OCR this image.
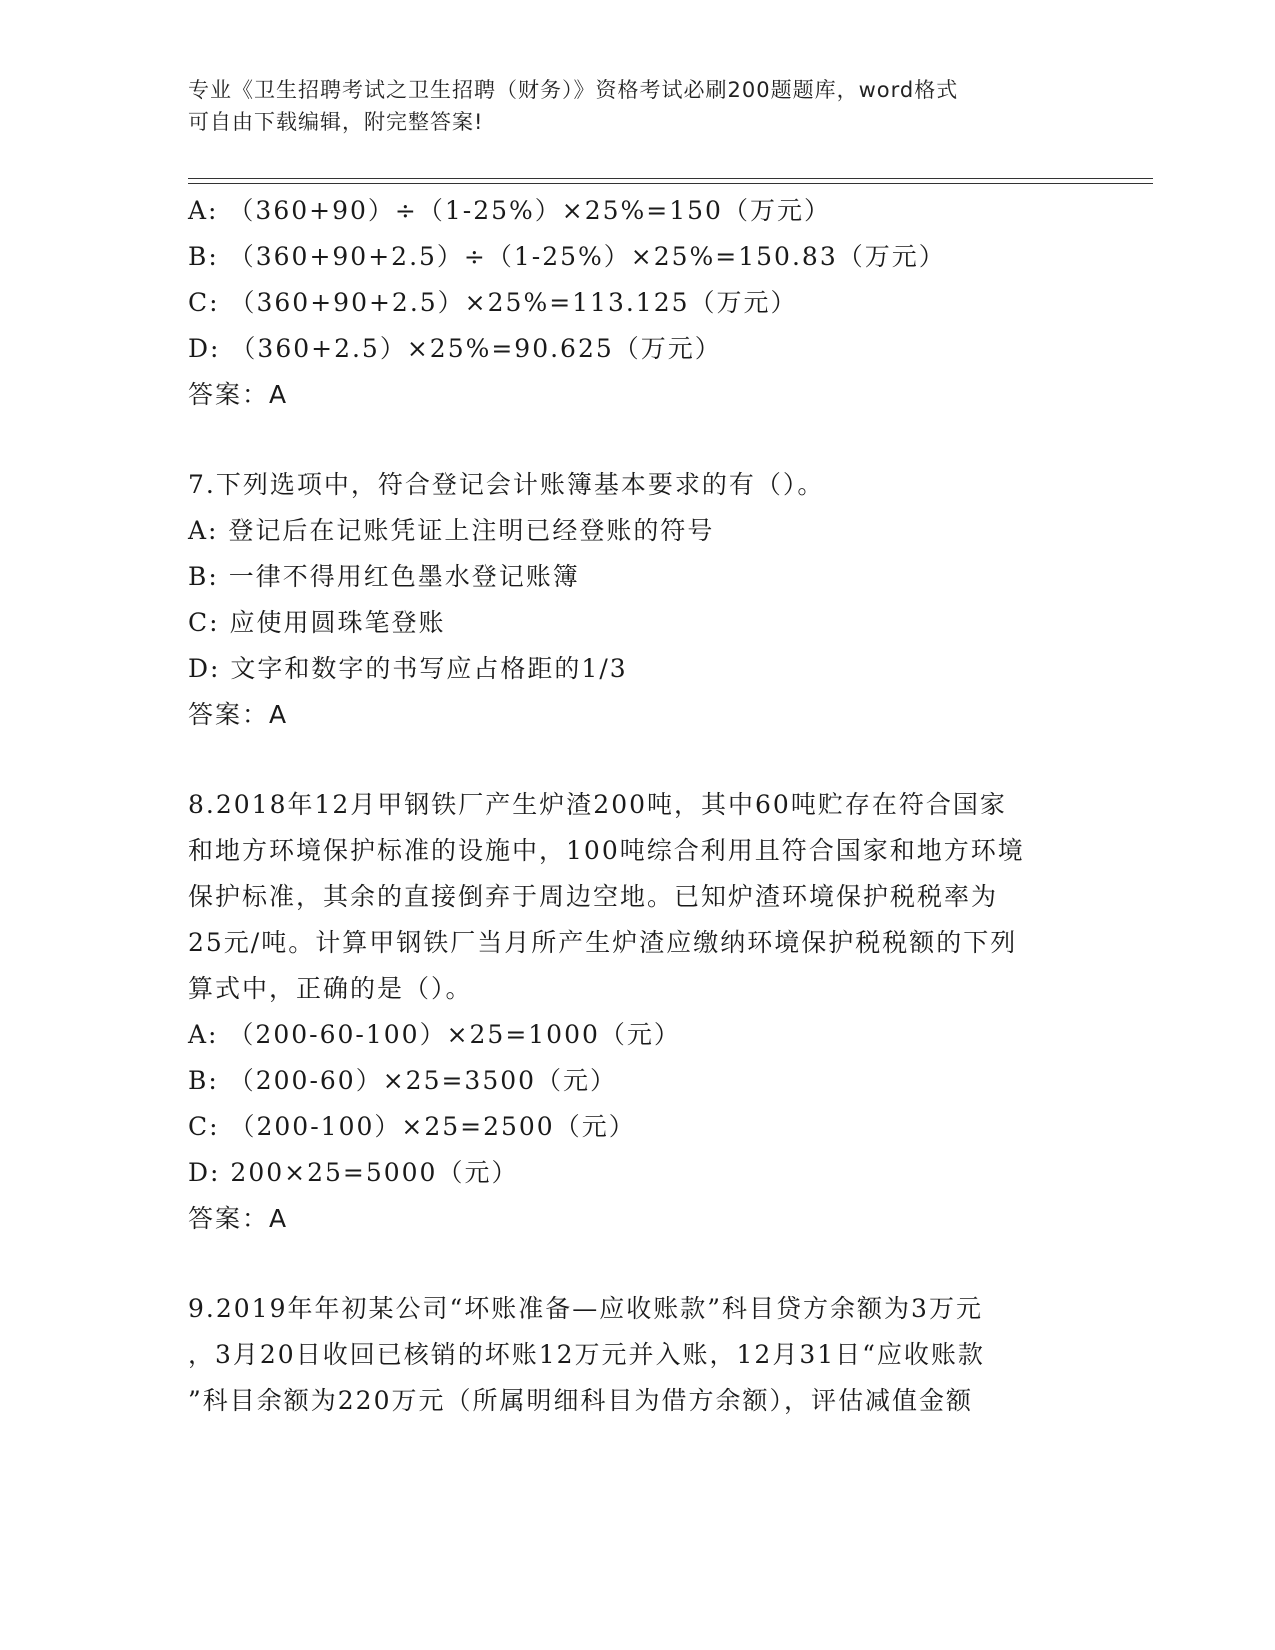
专业《卫生招聘考试之卫生招聘（财务）》资格考试必刷200题题库，word格式
可自由下载编辑，附完整答案!
A: （360+90）÷（1-25%）×25%=150（万元）
B: （360+90+2.5）÷（1-25%）×25%=150.83（万元）
C: （360+90+2.5）×25%=113.125（万元）
D: （360+2.5）×25%=90.625（万元）
答案：A
7.下列选项中，符合登记会计账簿基本要求的有（）。
A: 登记后在记账凭证上注明已经登账的符号
B: 一律不得用红色墨水登记账簿
C: 应使用圆珠笔登账
D: 文字和数字的书写应占格距的1/3
答案：A
8.2018年12月甲钢铁厂产生炉渣200吨，其中60吨贮存在符合国家
和地方环境保护标准的设施中，100吨综合利用且符合国家和地方环境
保护标准，其余的直接倒弃于周边空地。已知炉渣环境保护税税率为
25元/吨。计算甲钢铁厂当月所产生炉渣应缴纳环境保护税税额的下列
算式中，正确的是（）。
A: （200-60-100）×25=1000（元）
B: （200-60）×25=3500（元）
C: （200-100）×25=2500（元）
D: 200×25=5000（元）
答案：A
9.2019年年初某公司“坏账准备—应收账款”科目贷方余额为3万元
，3月20日收回已核销的坏账12万元并入账，12月31日“应收账款
”科目余额为220万元（所属明细科目为借方余额），评估减值金额
